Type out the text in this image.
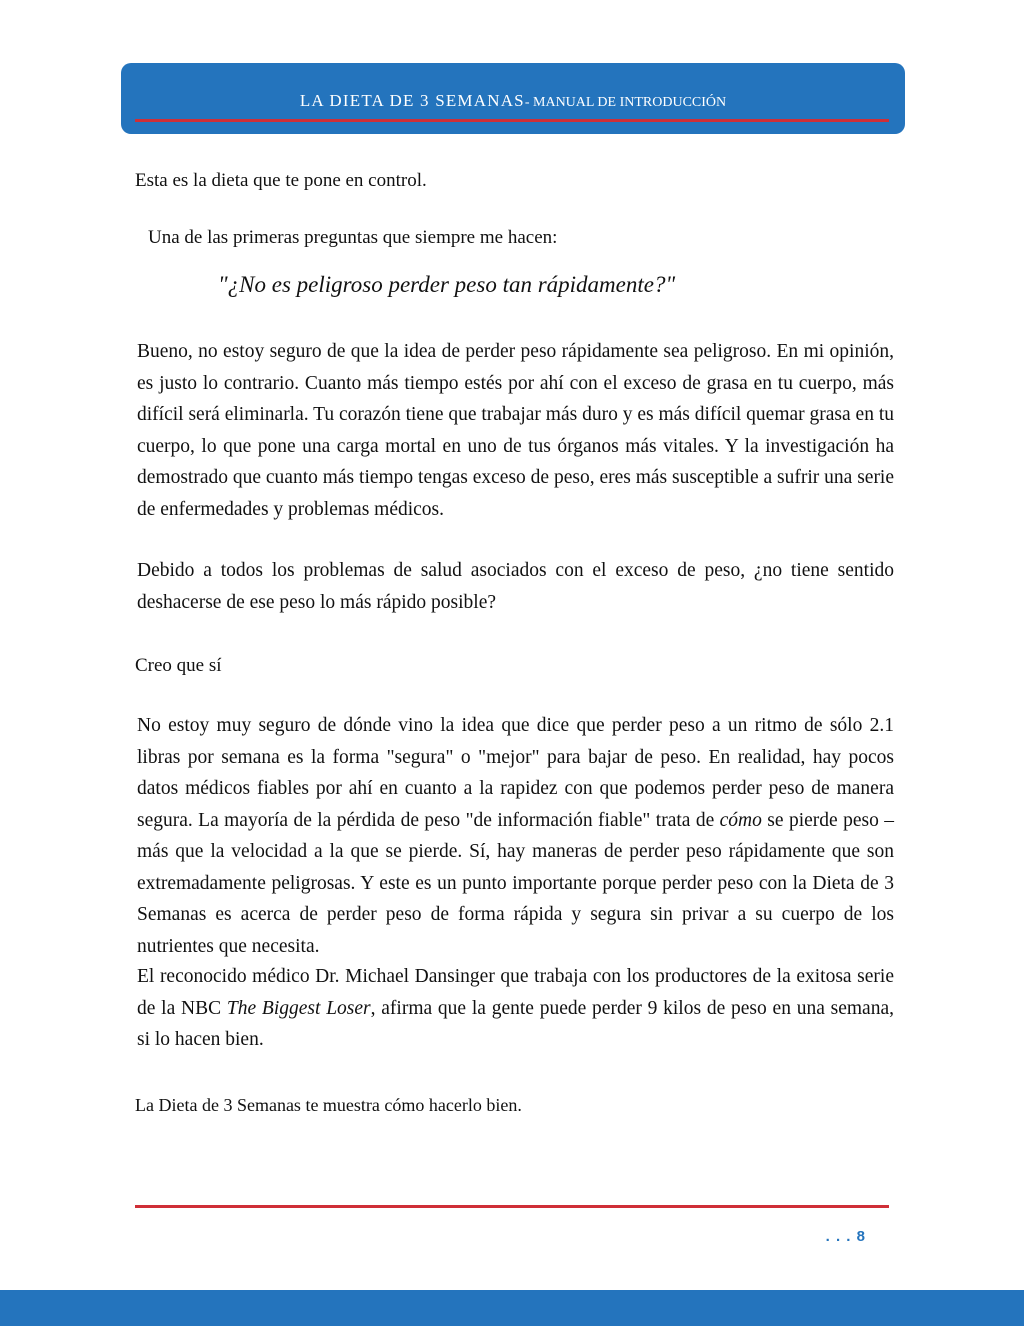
LA DIETA DE 3 SEMANAS- MANUAL DE INTRODUCCIÓN

Esta es la dieta que te pone en control.

Una de las primeras preguntas que siempre me hacen:

"¿No es peligroso perder peso tan rápidamente?"

Bueno, no estoy seguro de que la idea de perder peso rápidamente sea peligroso. En mi opinión, es justo lo contrario. Cuanto más tiempo estés por ahí con el exceso de grasa en tu cuerpo, más difícil será eliminarla. Tu corazón tiene que trabajar más duro y es más difícil quemar grasa en tu cuerpo, lo que pone una carga mortal en uno de tus órganos más vitales. Y la investigación ha demostrado que cuanto más tiempo tengas exceso de peso, eres más susceptible a sufrir una serie de enfermedades y problemas médicos.

Debido a todos los problemas de salud asociados con el exceso de peso, ¿no tiene sentido deshacerse de ese peso lo más rápido posible?

Creo que sí

No estoy muy seguro de dónde vino la idea que dice que perder peso a un ritmo de sólo 2.1 libras por semana es la forma "segura" o "mejor" para bajar de peso. En realidad, hay pocos datos médicos fiables por ahí en cuanto a la rapidez con que podemos perder peso de manera segura. La mayoría de la pérdida de peso "de información fiable" trata de cómo se pierde peso –más que la velocidad a la que se pierde. Sí, hay maneras de perder peso rápidamente que son extremadamente peligrosas. Y este es un punto importante porque perder peso con la Dieta de 3 Semanas es acerca de perder peso de forma rápida y segura sin privar a su cuerpo de los nutrientes que necesita.

El reconocido médico Dr. Michael Dansinger que trabaja con los productores de la exitosa serie de la NBC The Biggest Loser, afirma que la gente puede perder 9 kilos de peso en una semana, si lo hacen bien.

La Dieta de 3 Semanas te muestra cómo hacerlo bien.

. . . 8
